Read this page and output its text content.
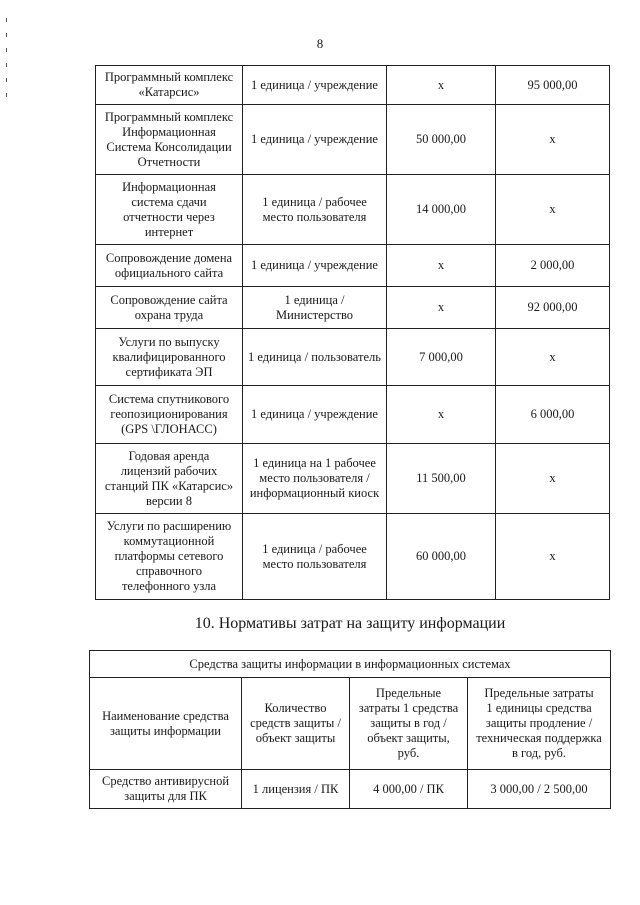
8
Программный комплекс
«Катарсис»	1 единица / учреждение	х	95 000,00
Программный комплекс
Информационная
Система Консолидации
Отчетности	1 единица / учреждение	50 000,00	х
Информационная
система сдачи
отчетности через
интернет	1 единица / рабочее
место пользователя	14 000,00	х
Сопровождение домена
официального сайта	1 единица / учреждение	х	2 000,00
Сопровождение сайта
охрана труда	1 единица /
Министерство	х	92 000,00
Услуги по выпуску
квалифицированного
сертификата ЭП	1 единица / пользователь	7 000,00	х
Система спутникового
геопозиционирования
(GPS \ГЛОНАСС)	1 единица / учреждение	х	6 000,00
Годовая аренда
лицензий рабочих
станций ПК «Катарсис»
версии 8	1 единица на 1 рабочее
место пользователя /
информационный киоск	11 500,00	х
Услуги по расширению
коммутационной
платформы сетевого
справочного
телефонного узла	1 единица / рабочее
место пользователя	60 000,00	х
10. Нормативы затрат на защиту информации
Средства защиты информации в информационных системах			
Наименование средства
защиты информации	Количество
средств защиты /
объект защиты	Предельные
затраты 1 средства
защиты в год /
объект защиты,
руб.	Предельные затраты
1 единицы средства
защиты продление /
техническая поддержка
в год, руб.
Средство антивирусной
защиты для ПК	1 лицензия / ПК	4 000,00 / ПК	3 000,00 / 2 500,00
